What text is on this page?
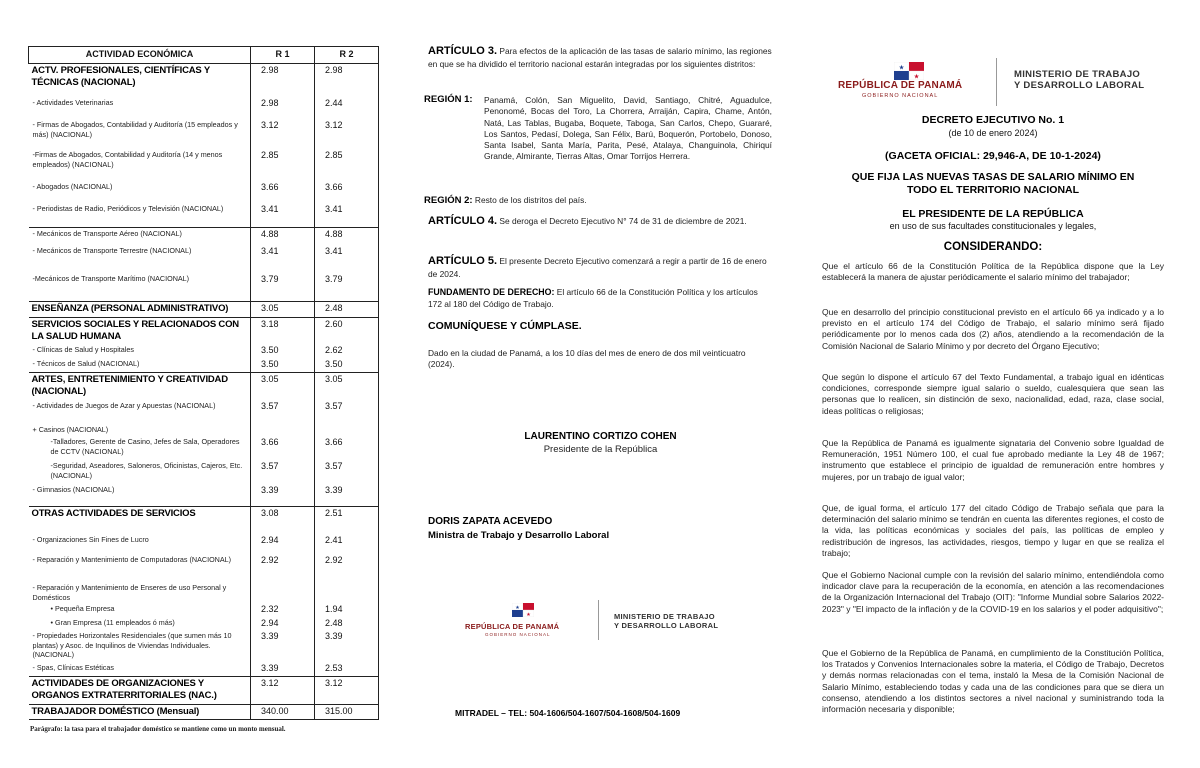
ACTIVIDAD ECONÓMICA	R 1	R 2
ACTV. PROFESIONALES, CIENTÍFICAS Y TÉCNICAS (NACIONAL)	2.98	2.98
- Actividades Veterinarias	2.98	2.44
- Firmas de Abogados, Contabilidad y Auditoría (15 empleados y más) (NACIONAL)	3.12	3.12
-Firmas de Abogados, Contabilidad y Auditoría (14 y menos empleados) (NACIONAL)	2.85	2.85
- Abogados (NACIONAL)	3.66	3.66
- Periodistas de Radio, Periódicos y Televisión (NACIONAL)	3.41	3.41
- Mecánicos de Transporte Aéreo (NACIONAL)	4.88	4.88
- Mecánicos de Transporte Terrestre (NACIONAL)	3.41	3.41
-Mecánicos de Transporte Marítimo (NACIONAL)	3.79	3.79
ENSEÑANZA (PERSONAL ADMINISTRATIVO)	3.05	2.48
SERVICIOS SOCIALES Y RELACIONADOS CON LA SALUD HUMANA	3.18	2.60
- Clínicas de Salud y Hospitales	3.50	2.62
- Técnicos de Salud (NACIONAL)	3.50	3.50
ARTES, ENTRETENIMIENTO Y CREATIVIDAD (NACIONAL)	3.05	3.05
- Actividades de Juegos de Azar y Apuestas (NACIONAL)	3.57	3.57
+ Casinos (NACIONAL)		
-Talladores, Gerente de Casino, Jefes de Sala, Operadores de CCTV (NACIONAL)	3.66	3.66
-Seguridad, Aseadores, Saloneros, Oficinistas, Cajeros, Etc. (NACIONAL)	3.57	3.57
- Gimnasios (NACIONAL)	3.39	3.39
OTRAS ACTIVIDADES DE SERVICIOS	3.08	2.51
- Organizaciones Sin Fines de Lucro	2.94	2.41
- Reparación y Mantenimiento de Computadoras (NACIONAL)	2.92	2.92
- Reparación y Mantenimiento de Enseres de uso Personal y Domésticos		
• Pequeña Empresa	2.32	1.94
• Gran Empresa (11 empleados ó más)	2.94	2.48
- Propiedades Horizontales Residenciales (que sumen más 10 plantas) y Asoc. de Inquilinos de Viviendas Individuales. (NACIONAL)	3.39	3.39
- Spas, Clínicas Estéticas	3.39	2.53
ACTIVIDADES DE ORGANIZACIONES Y ORGANOS EXTRATERRITORIALES (NAC.)	3.12	3.12
TRABAJADOR DOMÉSTICO (Mensual)	340.00	315.00
Parágrafo: la tasa para el trabajador doméstico se mantiene como un monto mensual.
ARTÍCULO 3. Para efectos de la aplicación de las tasas de salario mínimo, las regiones en que se ha dividido el territorio nacional estarán integradas por los siguientes distritos:
REGIÓN 1: Panamá, Colón, San Miguelito, David, Santiago, Chitré, Aguadulce, Penonomé, Bocas del Toro, La Chorrera, Arraiján, Capira, Chame, Antón, Natá, Las Tablas, Bugaba, Boquete, Taboga, San Carlos, Chepo, Guararé, Los Santos, Pedasí, Dolega, San Félix, Barú, Boquerón, Portobelo, Donoso, Santa Isabel, Santa María, Parita, Pesé, Atalaya, Changuinola, Chiriquí Grande, Almirante, Tierras Altas, Omar Torrijos Herrera.
REGIÓN 2: Resto de los distritos del país.
ARTÍCULO 4. Se deroga el Decreto Ejecutivo N° 74 de 31 de diciembre de 2021.
ARTÍCULO 5. El presente Decreto Ejecutivo comenzará a regir a partir de 16 de enero de 2024.
FUNDAMENTO DE DERECHO: El artículo 66 de la Constitución Política y los artículos 172 al 180 del Código de Trabajo.
COMUNÍQUESE Y CÚMPLASE.
Dado en la ciudad de Panamá, a los 10 días del mes de enero de dos mil veinticuatro (2024).
LAURENTINO CORTIZO COHEN
Presidente de la República
DORIS ZAPATA ACEVEDO
Ministra de Trabajo y Desarrollo Laboral
★
★
REPÚBLICA DE PANAMÁ
GOBIERNO NACIONAL
MINISTERIO DE TRABAJO
Y DESARROLLO LABORAL
MITRADEL – TEL: 504-1606/504-1607/504-1608/504-1609
★
★
REPÚBLICA DE PANAMÁ
GOBIERNO NACIONAL
MINISTERIO DE TRABAJO
Y DESARROLLO LABORAL
DECRETO EJECUTIVO No. 1
(de 10 de enero 2024)
(GACETA OFICIAL: 29,946-A, DE 10-1-2024)
QUE FIJA LAS NUEVAS TASAS DE SALARIO MÍNIMO EN
TODO EL TERRITORIO NACIONAL
EL PRESIDENTE DE LA REPÚBLICA
en uso de sus facultades constitucionales y legales,
CONSIDERANDO:
Que el artículo 66 de la Constitución Política de la República dispone que la Ley establecerá la manera de ajustar periódicamente el salario mínimo del trabajador;
Que en desarrollo del principio constitucional previsto en el artículo 66 ya indicado y a lo previsto en el artículo 174 del Código de Trabajo, el salario mínimo será fijado periódicamente por lo menos cada dos (2) años, atendiendo a la recomendación de la Comisión Nacional de Salario Mínimo y por decreto del Órgano Ejecutivo;
Que según lo dispone el artículo 67 del Texto Fundamental, a trabajo igual en idénticas condiciones, corresponde siempre igual salario o sueldo, cualesquiera que sean las personas que lo realicen, sin distinción de sexo, nacionalidad, edad, raza, clase social, ideas políticas o religiosas;
Que la República de Panamá es igualmente signataria del Convenio sobre Igualdad de Remuneración, 1951 Número 100, el cual fue aprobado mediante la Ley 48 de 1967; instrumento que establece el principio de igualdad de remuneración entre hombres y mujeres, por un trabajo de igual valor;
Que, de igual forma, el artículo 177 del citado Código de Trabajo señala que para la determinación del salario mínimo se tendrán en cuenta las diferentes regiones, el costo de la vida, las políticas económicas y sociales del país, las políticas de empleo y redistribución de ingresos, las actividades, riesgos, tiempo y lugar en que se realiza el trabajo;
Que el Gobierno Nacional cumple con la revisión del salario mínimo, entendiéndola como indicador clave para la recuperación de la economía, en atención a las recomendaciones de la Organización Internacional del Trabajo (OIT): "Informe Mundial sobre Salarios 2022-2023" y "El impacto de la inflación y de la COVID-19 en los salarios y el poder adquisitivo";
Que el Gobierno de la República de Panamá, en cumplimiento de la Constitución Política, los Tratados y Convenios Internacionales sobre la materia, el Código de Trabajo, Decretos y demás normas relacionadas con el tema, instaló la Mesa de la Comisión Nacional de Salario Mínimo, estableciendo todas y cada una de las condiciones para que se diera un consenso, atendiendo a los distintos sectores a nivel nacional y suministrando toda la información necesaria y disponible;
